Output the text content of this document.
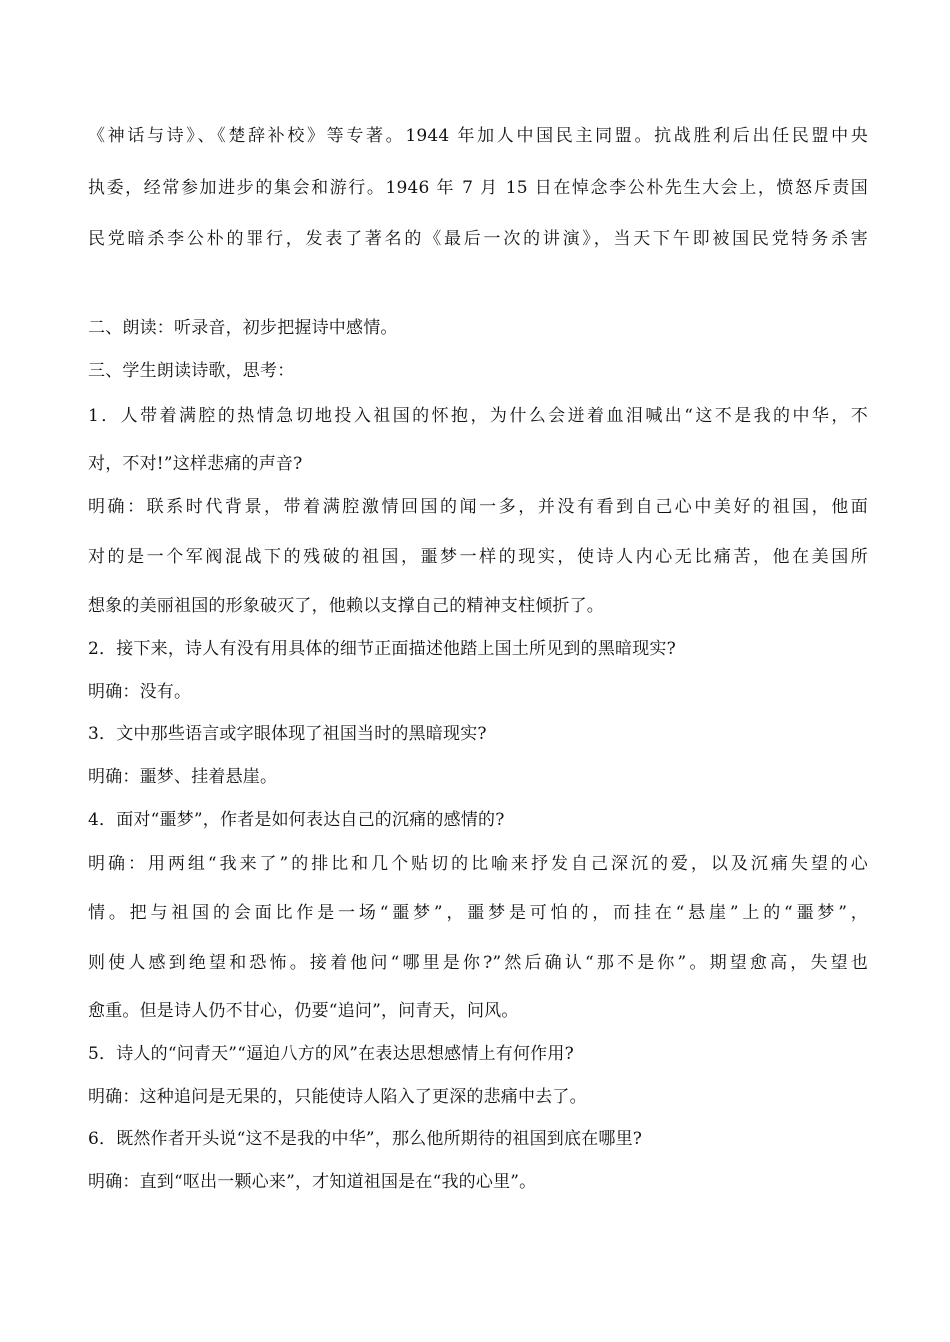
《神话与诗》、《楚辞补校》等专著。1944 年加人中国民主同盟。抗战胜利后出任民盟中央
执委，经常参加进步的集会和游行。1946 年 7 月 15 日在悼念李公朴先生大会上，愤怒斥责国
民党暗杀李公朴的罪行，发表了著名的《最后一次的讲演》，当天下午即被国民党特务杀害
二、朗读：听录音，初步把握诗中感情。
三、学生朗读诗歌，思考：
1．人带着满腔的热情急切地投入祖国的怀抱，为什么会迸着血泪喊出“这不是我的中华，不
对，不对!”这样悲痛的声音?
明确：联系时代背景，带着满腔激情回国的闻一多，并没有看到自己心中美好的祖国，他面
对的是一个军阀混战下的残破的祖国，噩梦一样的现实，使诗人内心无比痛苦，他在美国所
想象的美丽祖国的形象破灭了，他赖以支撑自己的精神支柱倾折了。
2．接下来，诗人有没有用具体的细节正面描述他踏上国土所见到的黑暗现实?
明确：没有。
3．文中那些语言或字眼体现了祖国当时的黑暗现实?
明确：噩梦、挂着悬崖。
4．面对“噩梦”，作者是如何表达自己的沉痛的感情的?
明确：用两组“我来了”的排比和几个贴切的比喻来抒发自己深沉的爱，以及沉痛失望的心
情。把与祖国的会面比作是一场“噩梦”，噩梦是可怕的，而挂在“悬崖”上的“噩梦”，
则使人感到绝望和恐怖。接着他问“哪里是你?”然后确认“那不是你”。期望愈高，失望也
愈重。但是诗人仍不甘心，仍要“追问”，问青天，问风。
5．诗人的“问青天”“逼迫八方的风”在表达思想感情上有何作用?
明确：这种追问是无果的，只能使诗人陷入了更深的悲痛中去了。
6．既然作者开头说“这不是我的中华”，那么他所期待的祖国到底在哪里?
明确：直到“呕出一颗心来”，才知道祖国是在“我的心里”。
